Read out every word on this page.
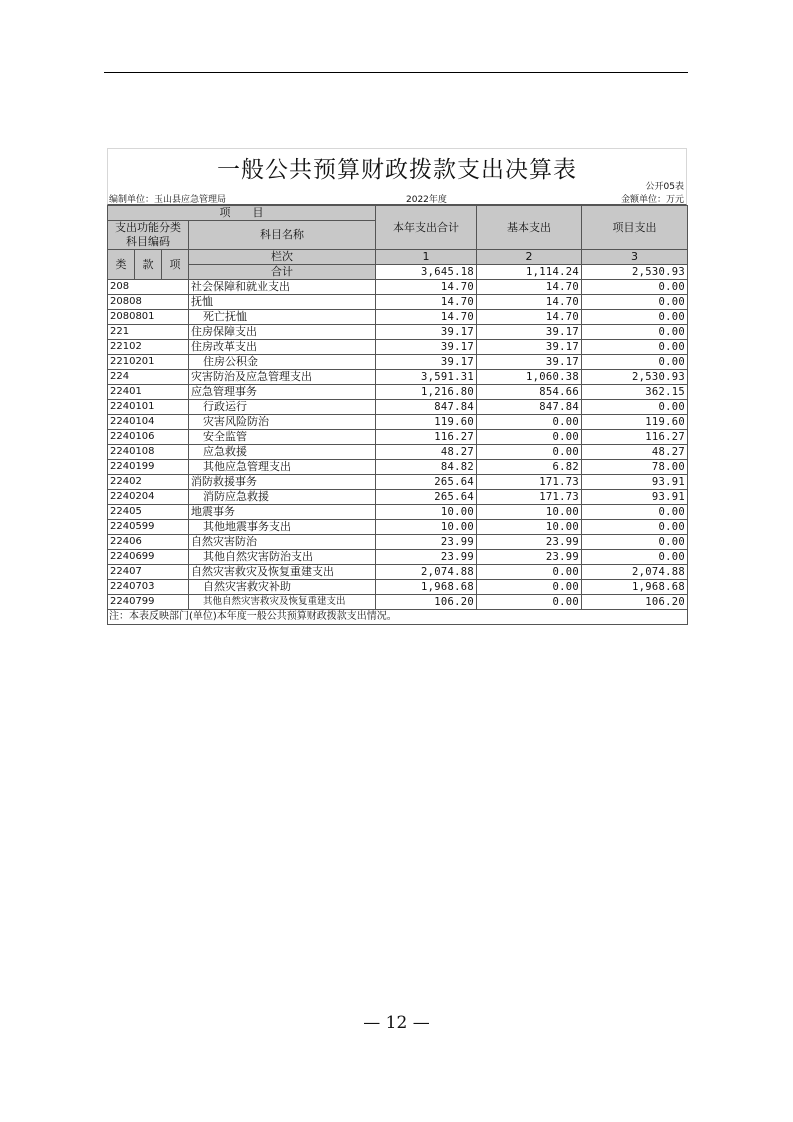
一般公共预算财政拨款支出决算表
公开05表
编制单位：玉山县应急管理局	2022年度	金额单位：万元
项　　目				本年支出合计	基本支出	项目支出
支出功能分类
科目编码			科目名称			

类	款	项	栏次	1	2	3
			合计	3,645.18	1,114.24	2,530.93
208			社会保障和就业支出	14.70	14.70	0.00
20808			抚恤	14.70	14.70	0.00
2080801			死亡抚恤	14.70	14.70	0.00
221			住房保障支出	39.17	39.17	0.00
22102			住房改革支出	39.17	39.17	0.00
2210201			住房公积金	39.17	39.17	0.00
224			灾害防治及应急管理支出	3,591.31	1,060.38	2,530.93
22401			应急管理事务	1,216.80	854.66	362.15
2240101			行政运行	847.84	847.84	0.00
2240104			灾害风险防治	119.60	0.00	119.60
2240106			安全监管	116.27	0.00	116.27
2240108			应急救援	48.27	0.00	48.27
2240199			其他应急管理支出	84.82	6.82	78.00
22402			消防救援事务	265.64	171.73	93.91
2240204			消防应急救援	265.64	171.73	93.91
22405			地震事务	10.00	10.00	0.00
2240599			其他地震事务支出	10.00	10.00	0.00
22406			自然灾害防治	23.99	23.99	0.00
2240699			其他自然灾害防治支出	23.99	23.99	0.00
22407			自然灾害救灾及恢复重建支出	2,074.88	0.00	2,074.88
2240703			自然灾害救灾补助	1,968.68	0.00	1,968.68
2240799			其他自然灾害救灾及恢复重建支出	106.20	0.00	106.20
注：本表反映部门(单位)本年度一般公共预算财政拨款支出情况。						
— 12 —
